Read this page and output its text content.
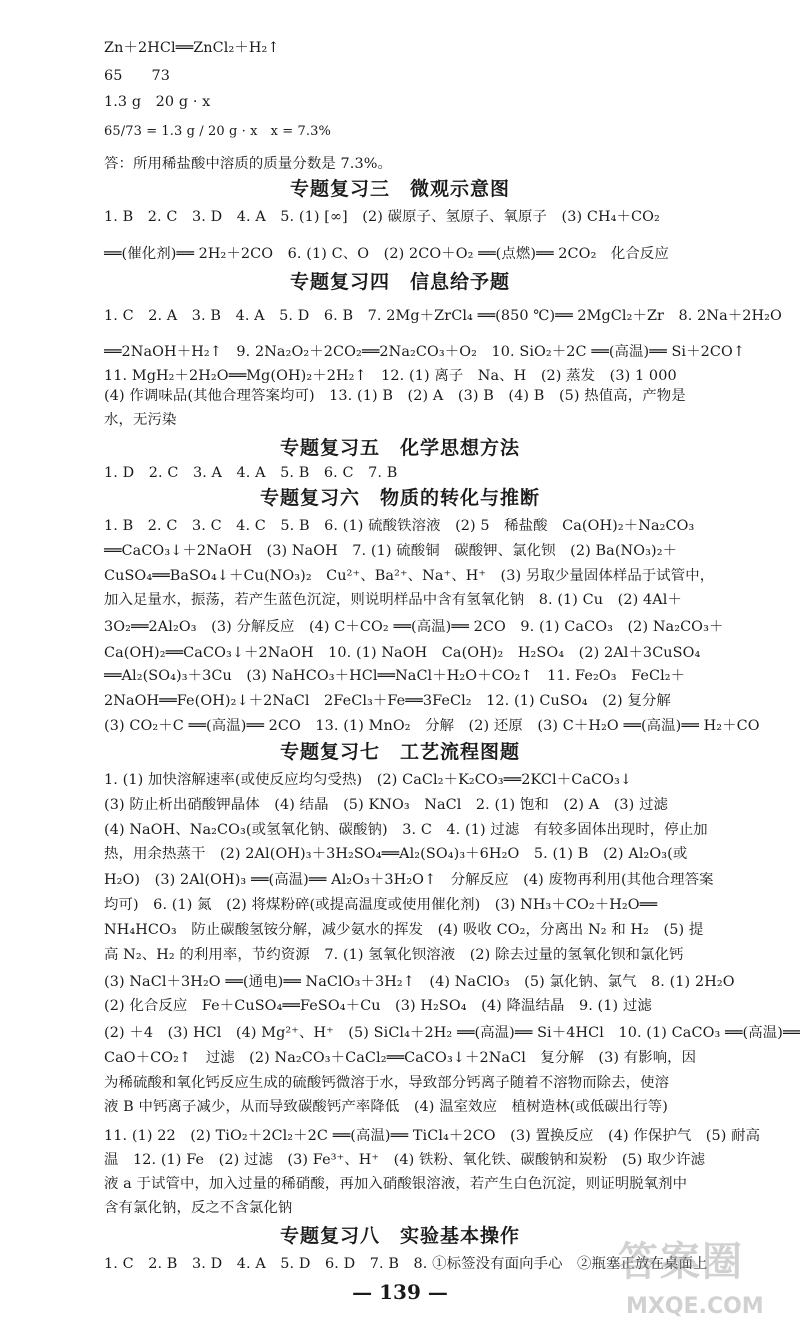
Zn＋2HCl══ZnCl₂＋H₂↑
65　　73
1.3 g　20 g · x
65/73 = 1.3 g / 20 g · x　x = 7.3%
答：所用稀盐酸中溶质的质量分数是 7.3%。
专题复习三　微观示意图
1. B　2. C　3. D　4. A　5. (1) [∞]　(2) 碳原子、氢原子、氧原子　(3) CH₄＋CO₂
══(催化剂)══ 2H₂＋2CO　6. (1) C、O　(2) 2CO＋O₂ ══(点燃)══ 2CO₂　化合反应
专题复习四　信息给予题
1. C　2. A　3. B　4. A　5. D　6. B　7. 2Mg＋ZrCl₄ ══(850 ℃)══ 2MgCl₂＋Zr　8. 2Na＋2H₂O
══2NaOH＋H₂↑　9. 2Na₂O₂＋2CO₂══2Na₂CO₃＋O₂　10. SiO₂＋2C ══(高温)══ Si＋2CO↑
11. MgH₂＋2H₂O══Mg(OH)₂＋2H₂↑　12. (1) 离子　Na、H　(2) 蒸发　(3) 1 000
(4) 作调味品(其他合理答案均可)　13. (1) B　(2) A　(3) B　(4) B　(5) 热值高，产物是
水，无污染
专题复习五　化学思想方法
1. D　2. C　3. A　4. A　5. B　6. C　7. B
专题复习六　物质的转化与推断
1. B　2. C　3. C　4. C　5. B　6. (1) 硫酸铁溶液　(2) 5　稀盐酸　Ca(OH)₂＋Na₂CO₃
══CaCO₃↓＋2NaOH　(3) NaOH　7. (1) 硫酸铜　碳酸钾、氯化钡　(2) Ba(NO₃)₂＋
CuSO₄══BaSO₄↓＋Cu(NO₃)₂　Cu²⁺、Ba²⁺、Na⁺、H⁺　(3) 另取少量固体样品于试管中，
加入足量水，振荡，若产生蓝色沉淀，则说明样品中含有氢氧化钠　8. (1) Cu　(2) 4Al＋
3O₂══2Al₂O₃　(3) 分解反应　(4) C＋CO₂ ══(高温)══ 2CO　9. (1) CaCO₃　(2) Na₂CO₃＋
Ca(OH)₂══CaCO₃↓＋2NaOH　10. (1) NaOH　Ca(OH)₂　H₂SO₄　(2) 2Al＋3CuSO₄
══Al₂(SO₄)₃＋3Cu　(3) NaHCO₃＋HCl══NaCl＋H₂O＋CO₂↑　11. Fe₂O₃　FeCl₂＋
2NaOH══Fe(OH)₂↓＋2NaCl　2FeCl₃＋Fe══3FeCl₂　12. (1) CuSO₄　(2) 复分解
(3) CO₂＋C ══(高温)══ 2CO　13. (1) MnO₂　分解　(2) 还原　(3) C＋H₂O ══(高温)══ H₂＋CO
专题复习七　工艺流程图题
1. (1) 加快溶解速率(或使反应均匀受热)　(2) CaCl₂＋K₂CO₃══2KCl＋CaCO₃↓
(3) 防止析出硝酸钾晶体　(4) 结晶　(5) KNO₃　NaCl　2. (1) 饱和　(2) A　(3) 过滤
(4) NaOH、Na₂CO₃(或氢氧化钠、碳酸钠)　3. C　4. (1) 过滤　有较多固体出现时，停止加
热，用余热蒸干　(2) 2Al(OH)₃＋3H₂SO₄══Al₂(SO₄)₃＋6H₂O　5. (1) B　(2) Al₂O₃(或
H₂O)　(3) 2Al(OH)₃ ══(高温)══ Al₂O₃＋3H₂O↑　分解反应　(4) 废物再利用(其他合理答案
均可)　6. (1) 氮　(2) 将煤粉碎(或提高温度或使用催化剂)　(3) NH₃＋CO₂＋H₂O══
NH₄HCO₃　防止碳酸氢铵分解，减少氨水的挥发　(4) 吸收 CO₂，分离出 N₂ 和 H₂　(5) 提
高 N₂、H₂ 的利用率，节约资源　7. (1) 氢氧化钡溶液　(2) 除去过量的氢氧化钡和氯化钙
(3) NaCl＋3H₂O ══(通电)══ NaClO₃＋3H₂↑　(4) NaClO₃　(5) 氯化钠、氯气　8. (1) 2H₂O
(2) 化合反应　Fe＋CuSO₄══FeSO₄＋Cu　(3) H₂SO₄　(4) 降温结晶　9. (1) 过滤
(2) ＋4　(3) HCl　(4) Mg²⁺、H⁺　(5) SiCl₄＋2H₂ ══(高温)══ Si＋4HCl　10. (1) CaCO₃ ══(高温)══
CaO＋CO₂↑　过滤　(2) Na₂CO₃＋CaCl₂══CaCO₃↓＋2NaCl　复分解　(3) 有影响，因
为稀硫酸和氧化钙反应生成的硫酸钙微溶于水，导致部分钙离子随着不溶物而除去，使溶
液 B 中钙离子减少，从而导致碳酸钙产率降低　(4) 温室效应　植树造林(或低碳出行等)
11. (1) 22　(2) TiO₂＋2Cl₂＋2C ══(高温)══ TiCl₄＋2CO　(3) 置换反应　(4) 作保护气　(5) 耐高
温　12. (1) Fe　(2) 过滤　(3) Fe³⁺、H⁺　(4) 铁粉、氧化铁、碳酸钠和炭粉　(5) 取少许滤
液 a 于试管中，加入过量的稀硝酸，再加入硝酸银溶液，若产生白色沉淀，则证明脱氧剂中
含有氯化钠，反之不含氯化钠
专题复习八　实验基本操作
1. C　2. B　3. D　4. A　5. D　6. D　7. B　8. ①标签没有面向手心　②瓶塞正放在桌面上
— 139 —
答案圈
MXQE.COM
